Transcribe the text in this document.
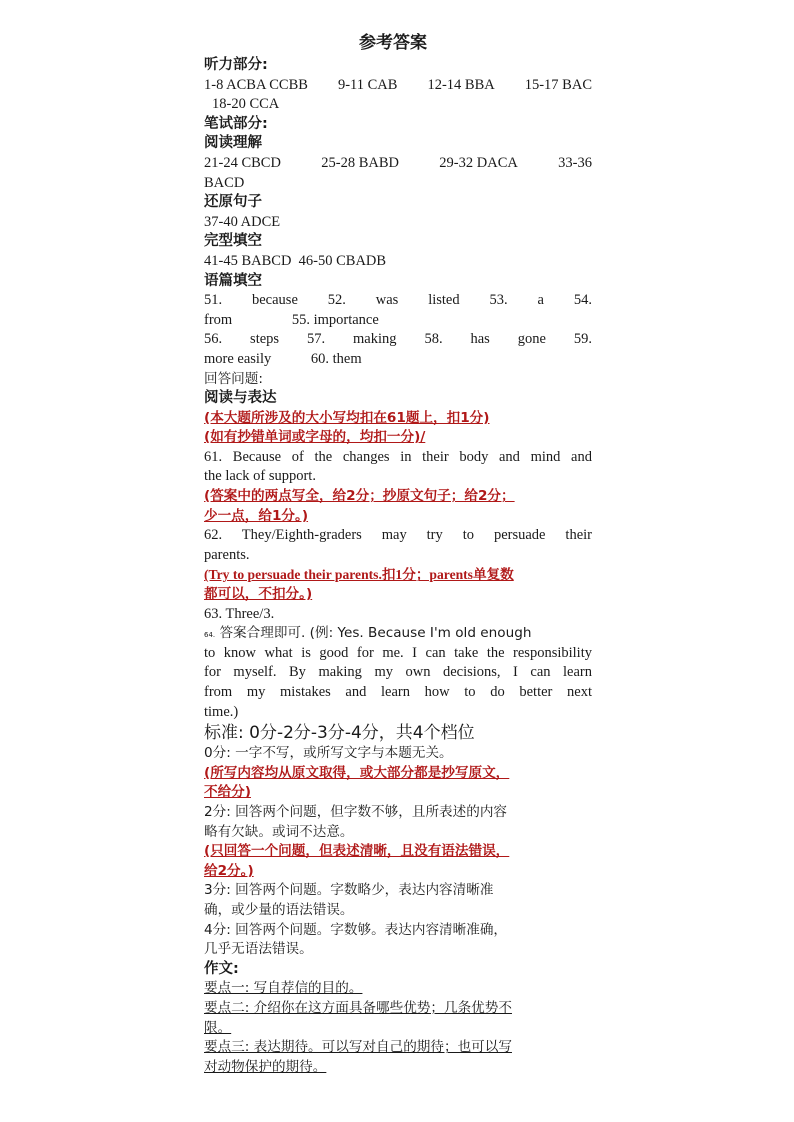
参考答案
听力部分:
1-8 ACBA CCBB 9-11 CAB 12-14 BBA 15-17 BAC
18-20 CCA
笔试部分:
阅读理解
21-24 CBCD	25-28 BABD	29-32 DACA	33-36
BACD
还原句子
37-40 ADCE
完型填空
41-45 BABCD  46-50 CBADB
语篇填空
51. because 52. was listed 53. a 54.
from	55. importance
56. steps 57. making 58. has gone 59.
more easily	60. them
回答问题:
阅读与表达
(本大题所涉及的大小写均扣在61题上，扣1分)
(如有抄错单词或字母的，均扣一分)/
61. Because of the changes in their body and mind and
the lack of support.
(答案中的两点写全，给2分；抄原文句子；给2分；
少一点，给1分。)
62. They/Eighth-graders may try to persuade their
parents.
(Try to persuade their parents.扣1分；parents单复数
都可以，不扣分。)
63. Three/3.
64. 答案合理即可. (例: Yes. Because I'm old enough
to know what is good for me. I can take the responsibility
for myself. By making my own decisions, I can learn
from my mistakes and learn how to do better next
time.)
标准: 0分-2分-3分-4分，共4个档位
0分: 一字不写，或所写文字与本题无关。
(所写内容均从原文取得，或大部分都是抄写原文，
不给分)
2分: 回答两个问题，但字数不够，且所表述的内容
略有欠缺。或词不达意。
(只回答一个问题，但表述清晰，且没有语法错误，
给2分。)
3分: 回答两个问题。字数略少，表达内容清晰准
确，或少量的语法错误。
4分: 回答两个问题。字数够。表达内容清晰准确，
几乎无语法错误。
作文:
要点一: 写自荐信的目的。
要点二: 介绍你在这方面具备哪些优势；几条优势不
限。
要点三: 表达期待。可以写对自己的期待；也可以写
对动物保护的期待。
